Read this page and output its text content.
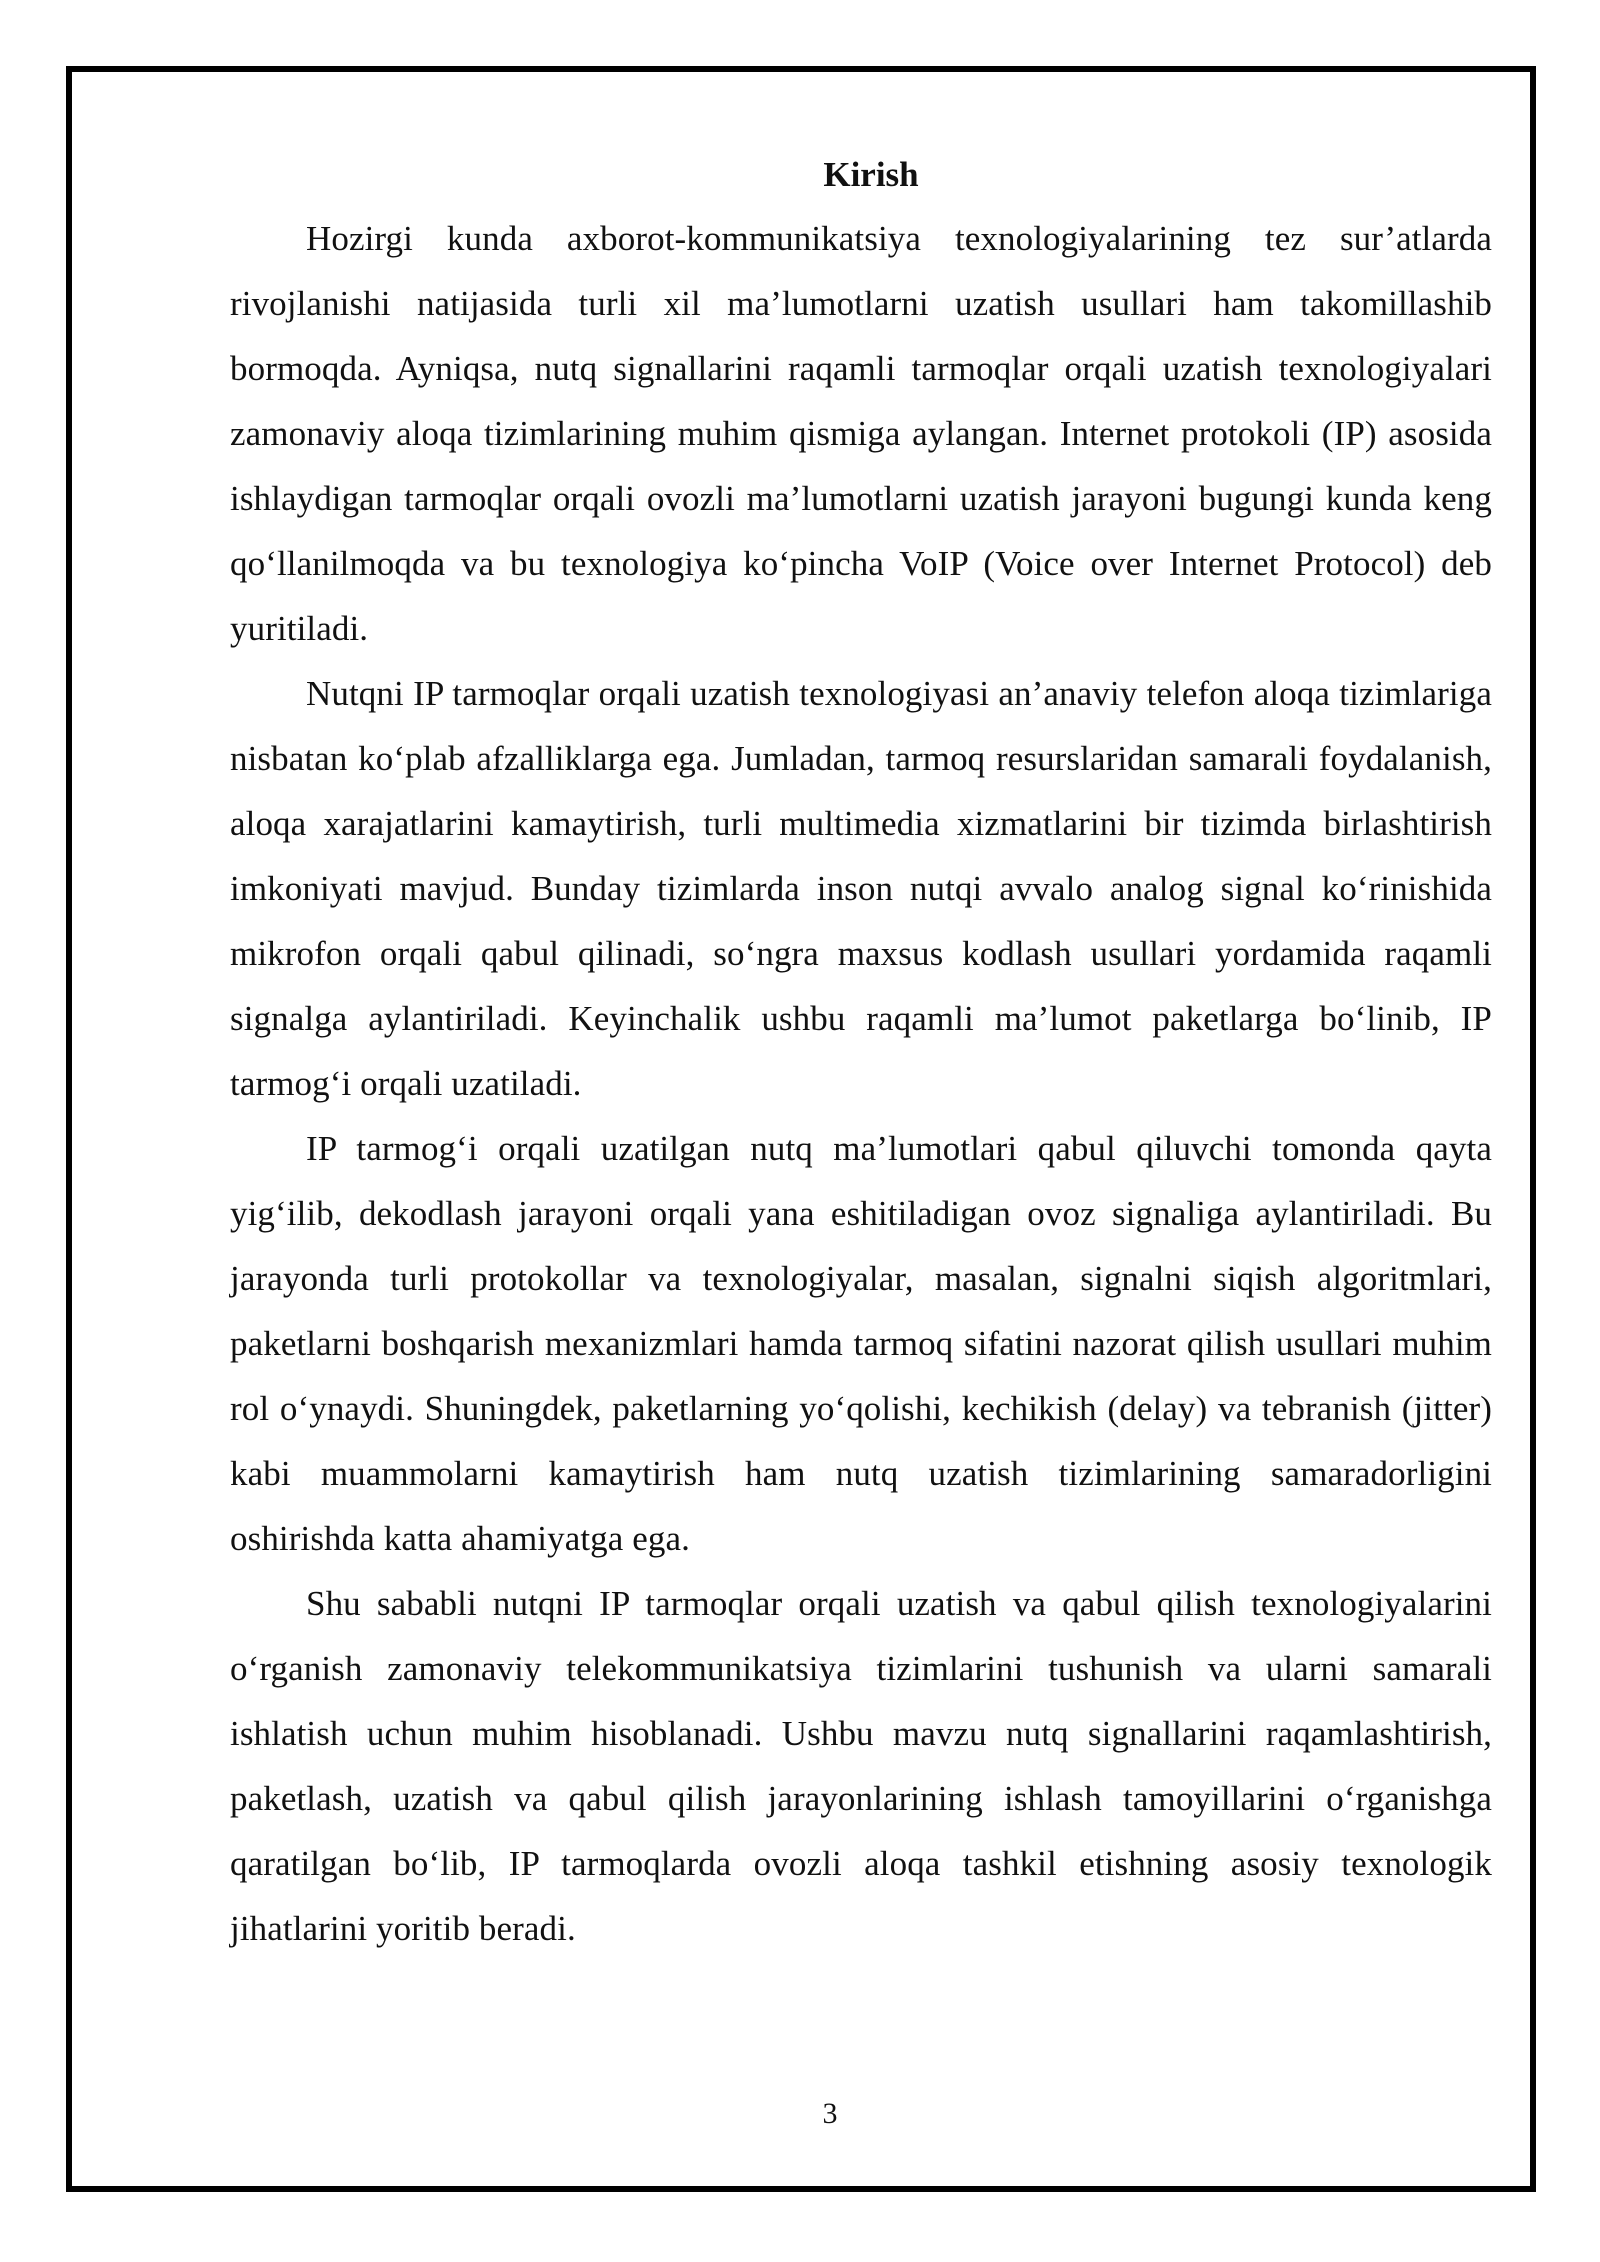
Kirish

Hozirgi kunda axborot-kommunikatsiya texnologiyalarining tez sur’atlarda rivojlanishi natijasida turli xil ma’lumotlarni uzatish usullari ham takomillashib bormoqda. Ayniqsa, nutq signallarini raqamli tarmoqlar orqali uzatish texnologiyalari zamonaviy aloqa tizimlarining muhim qismiga aylangan. Internet protokoli (IP) asosida ishlaydigan tarmoqlar orqali ovozli ma’lumotlarni uzatish jarayoni bugungi kunda keng qo‘llanilmoqda va bu texnologiya ko‘pincha VoIP (Voice over Internet Protocol) deb yuritiladi.

Nutqni IP tarmoqlar orqali uzatish texnologiyasi an’anaviy telefon aloqa tizimlariga nisbatan ko‘plab afzalliklarga ega. Jumladan, tarmoq resurslaridan samarali foydalanish, aloqa xarajatlarini kamaytirish, turli multimedia xizmatlarini bir tizimda birlashtirish imkoniyati mavjud. Bunday tizimlarda inson nutqi avvalo analog signal ko‘rinishida mikrofon orqali qabul qilinadi, so‘ngra maxsus kodlash usullari yordamida raqamli signalga aylantiriladi. Keyinchalik ushbu raqamli ma’lumot paketlarga bo‘linib, IP tarmog‘i orqali uzatiladi.

IP tarmog‘i orqali uzatilgan nutq ma’lumotlari qabul qiluvchi tomonda qayta yig‘ilib, dekodlash jarayoni orqali yana eshitiladigan ovoz signaliga aylantiriladi. Bu jarayonda turli protokollar va texnologiyalar, masalan, signalni siqish algoritmlari, paketlarni boshqarish mexanizmlari hamda tarmoq sifatini nazorat qilish usullari muhim rol o‘ynaydi. Shuningdek, paketlarning yo‘qolishi, kechikish (delay) va tebranish (jitter) kabi muammolarni kamaytirish ham nutq uzatish tizimlarining samaradorligini oshirishda katta ahamiyatga ega.

Shu sababli nutqni IP tarmoqlar orqali uzatish va qabul qilish texnologiyalarini o‘rganish zamonaviy telekommunikatsiya tizimlarini tushunish va ularni samarali ishlatish uchun muhim hisoblanadi. Ushbu mavzu nutq signallarini raqamlashtirish, paketlash, uzatish va qabul qilish jarayonlarining ishlash tamoyillarini o‘rganishga qaratilgan bo‘lib, IP tarmoqlarda ovozli aloqa tashkil etishning asosiy texnologik jihatlarini yoritib beradi.

3
